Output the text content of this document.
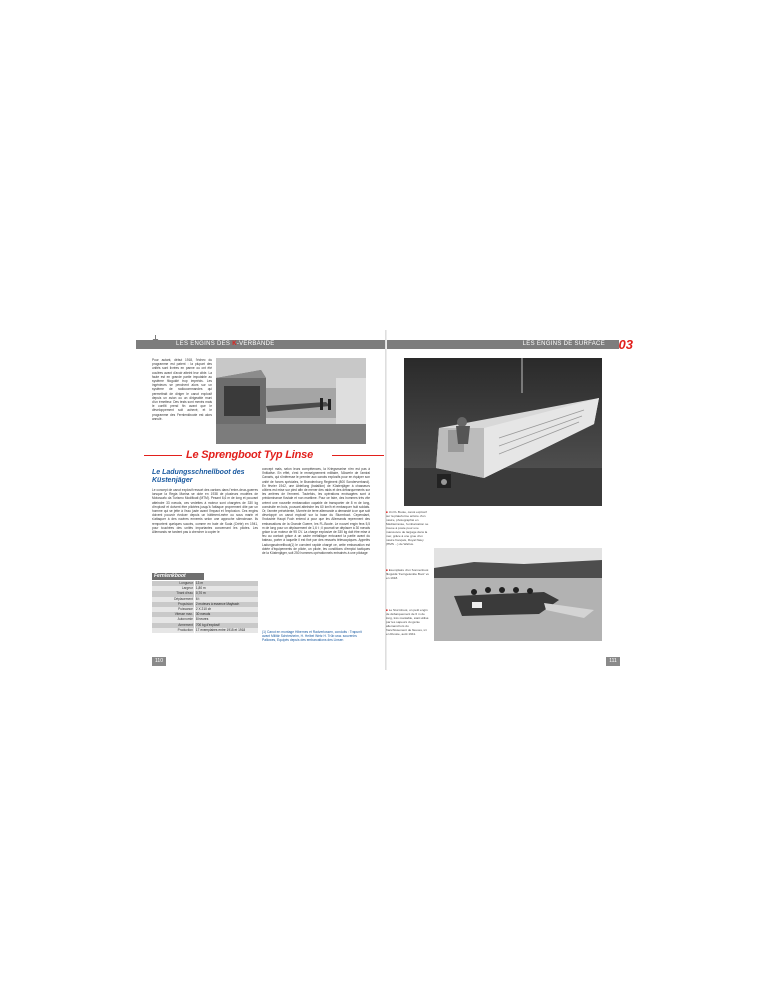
LES ENGINS DES K-VERBÄNDE
Pour autant, début 1918, l'échec du programme est patent : la plupart des unités sont livrées en panne ou ont été coulées avant d'avoir atteint leur cible. La faute est en grande partie imputable au système filoguidé trop imprécis. Les ingénieurs se penchent alors sur un système de radiocommandes qui permettrait de diriger le canot explosif depuis un avion ou un dirigeable muni d'un émetteur. Des tests sont menés mais le conflit prend fin avant que le développement soit achevé, et le programme des Fernlenkboote est alors annulé.
Le Sprengboot Typ Linse
Le Ladungsschnellboot des Küstenjäger
Le concept de canot explosif ressort des cartons dans l'entre-deux-guerres lorsque la Regia Marina se dote en 1938 de plusieurs modèles de Motoscafo da Turismo Modificati (MTM). Pesant 6,6 m de long et pouvant atteindre 33 nœuds, ces vedettes à moteur sont chargées de 330 kg d'explosif et doivent être pilotées jusqu'à l'attaque proprement dite par un homme qui se jette à l'eau juste avant l'impact et l'explosion. Ces engins doivent pouvoir évoluer depuis un bâtiment-mère ou sous marin et s'attaquer à des navires ennemis selon une approche silencieuse. Ils remportent quelques succès, comme en baie de Suda (Crète) en 1941, pour touchées des unités importantes concernant les pilotes. Les Allemands ne tardent pas à chercher à copier le
Fernlenkboot
Longueur	13 m
Largeur	1,80 m
Tirant d'eau	0,70 m
Déplacement	6 t
Propulsion	2 moteurs à essence Maybach
Puissance	2 X 210 ch
Vitesse max.	30 nœuds
Autonomie	8 heures
Armement	700 kg d'explosif
Production	17 exemplaires entre 1915 et 1918
concept mais, selon leurs compétences, la Kriegsmarine n'en est pas à l'initiative. En effet, c'est le renseignement militaire, l'Abwehr de l'amiral Canaris, qui s'intéresse le premier aux canots explosifs pour en équiper son unité de forces spéciales, le Brandenburg Regiment (800 Sonderverband). En février 1942, une Abteilung (bataillon) de Küstenjäger à chasseurs côtiers est mise sur pied afin de mener des raids et des débarquements sur les arrières de l'ennemi. Toutefois, les opérations envisagées sont à prédominance fluviale et non maritime. Pour ce faire, des hommes très vite créent une nouvelle embarcation capable de transporter de 8 m de long, construite en bois, pouvant atteindre les 60 km/h et embarquer huit soldats. Or, l'année précédente, l'Armée de terre allemande a demandé à ce que soit développé un canot explosif sur la base du Sturmboot. Cependant, l'industrie Haupt Foch entend à pour que les Allemands reprennent des embarcations de la Grande Guerre, les FL-Boote. Le nouvel engin fera 5,5 m de long pour un déplacement de 1,6 t ; il pourrait se déplacer à 30 nœuds grâce à un moteur de 95 CV. La charge explosive de 330 kg doit être mise à feu au contact grâce à un cadre métallique entourant la partie avant du bateau, porter à laquelle il est fixé par des ressorts télescopiques. Appelés Ladungsschnellboot(1) le convient rapide chargé ce, cette embarcation est dotée d'équipements de pilote, un pilote, les conditions d'emploi tactiques de la Küstenjäger, soit 250 hommes opérationnels entrainés à une pilotage
(1) Canot en montage Hibernes et Radverlossen, conduits : Trapunit avant Militär Schriesheim, H. Heibel Wetz H. Trüb usw. souvenirs Pallowes, Equipés depuis des embarcations des Linsen
110
LES ENGINS DE SURFACE 03
■ Un FL Boote, canot explosif sur la plateforme arrière d'un navire, photographié en Méditerranée, l'embarcation se trouve à poste pour une manœuvre de largage dans la mer, grâce à une grue d'un navire français, Royal Navy (HMS ...) de Walrus.
■ Exemplaire d'un Sonnenboot filoguidé 'Ferngelenkte Boot' vu en 1918.
■ Le Sturmboot, un petit engin de débarquement de 6 m de long, très maniable, était utilisé par les sapeurs du génie allemand lors du franchissement de fleuves, ici en Russie, août 1941.
111
